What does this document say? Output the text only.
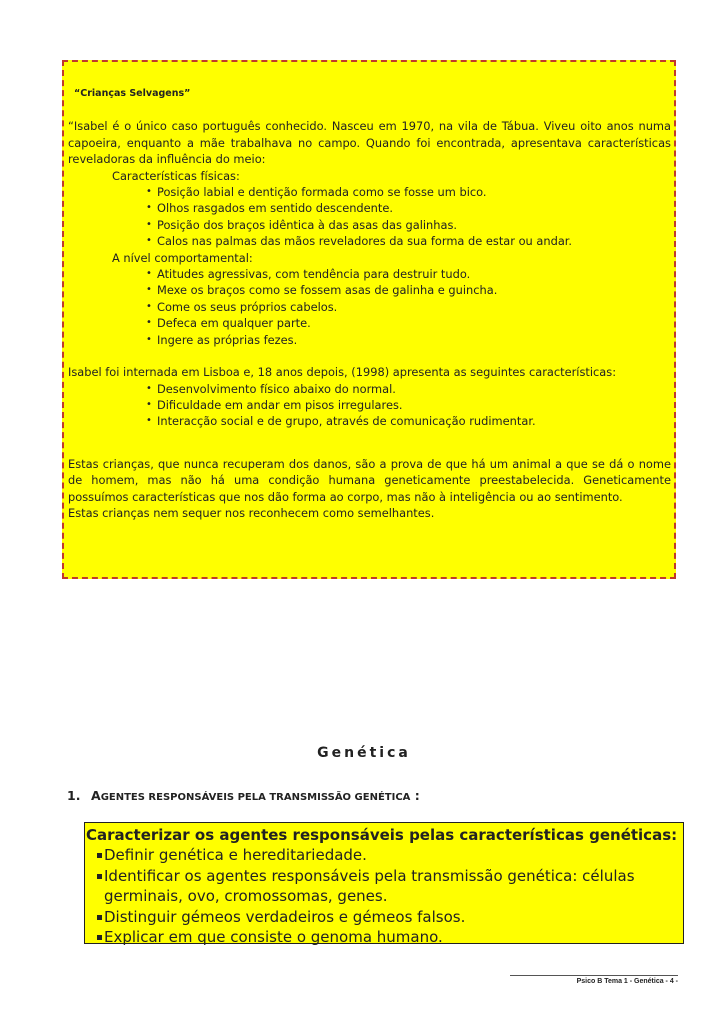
“Crianças Selvagens”

“Isabel é o único caso português conhecido. Nasceu em 1970, na vila de Tábua. Viveu oito anos numa capoeira, enquanto a mãe trabalhava no campo. Quando foi encontrada, apresentava características reveladoras da influência do meio:

Características físicas:

• Posição labial e dentição formada como se fosse um bico.
• Olhos rasgados em sentido descendente.
• Posição dos braços idêntica à das asas das galinhas.
• Calos nas palmas das mãos reveladores da sua forma de estar ou andar.

A nível comportamental:

• Atitudes agressivas, com tendência para destruir tudo.
• Mexe os braços como se fossem asas de galinha e guincha.
• Come os seus próprios cabelos.
• Defeca em qualquer parte.
• Ingere as próprias fezes.

Isabel foi internada em Lisboa e, 18 anos depois, (1998) apresenta as seguintes características:

• Desenvolvimento físico abaixo do normal.
• Dificuldade em andar em pisos irregulares.
• Interacção social e de grupo, através de comunicação rudimentar.

Estas crianças, que nunca recuperam dos danos, são a prova de que há um animal a que se dá o nome de homem, mas não há uma condição humana geneticamente preestabelecida. Geneticamente possuímos características que nos dão forma ao corpo, mas não à inteligência ou ao sentimento.

Estas crianças nem sequer nos reconhecem como semelhantes.

Genética
1. AGENTES RESPONSÁVEIS PELA TRANSMISSÃO GENÉTICA :
Caracterizar os agentes responsáveis pelas características genéticas:
Definir genética e hereditariedade.
Identificar os agentes responsáveis pela transmissão genética: células germinais, ovo, cromossomas, genes.
Distinguir gémeos verdadeiros e gémeos falsos.
Explicar em que consiste o genoma humano.
Psico B Tema 1 - Genética - 4 -
